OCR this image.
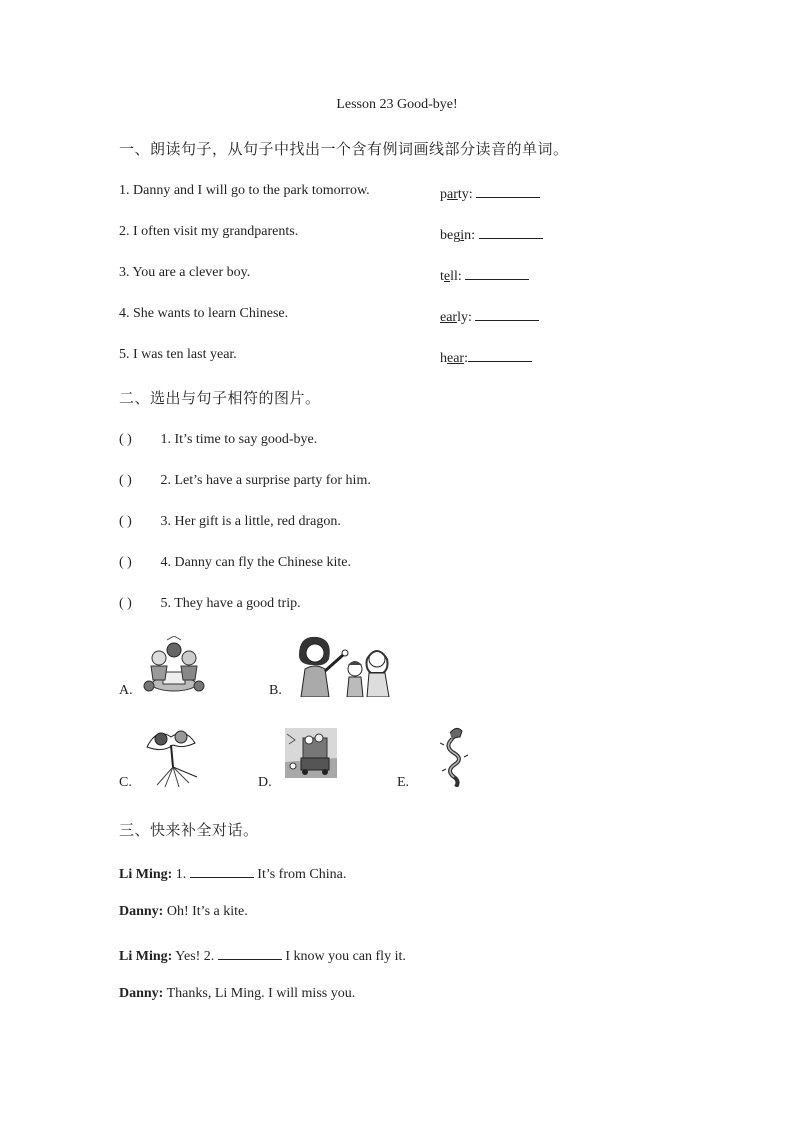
Lesson 23 Good-bye!
一、朗读句子，从句子中找出一个含有例词画线部分读音的单词。
1. Danny and I will go to the park tomorrow.	party:
2. I often visit my grandparents.	begin:
3. You are a clever boy.	tell:
4. She wants to learn Chinese.	early:
5. I was ten last year.	hear:
二、选出与句子相符的图片。
( ) 1. It’s time to say good-bye.
( ) 2. Let’s have a surprise party for him.
( ) 3. Her gift is a little, red dragon.
( ) 4. Danny can fly the Chinese kite.
( ) 5. They have a good trip.
A.	B.
C.	D.	E.
三、快来补全对话。
Li Ming: 1.	It’s from China.
Danny: Oh! It’s a kite.
Li Ming: Yes! 2.	I know you can fly it.
Danny: Thanks, Li Ming. I will miss you.
